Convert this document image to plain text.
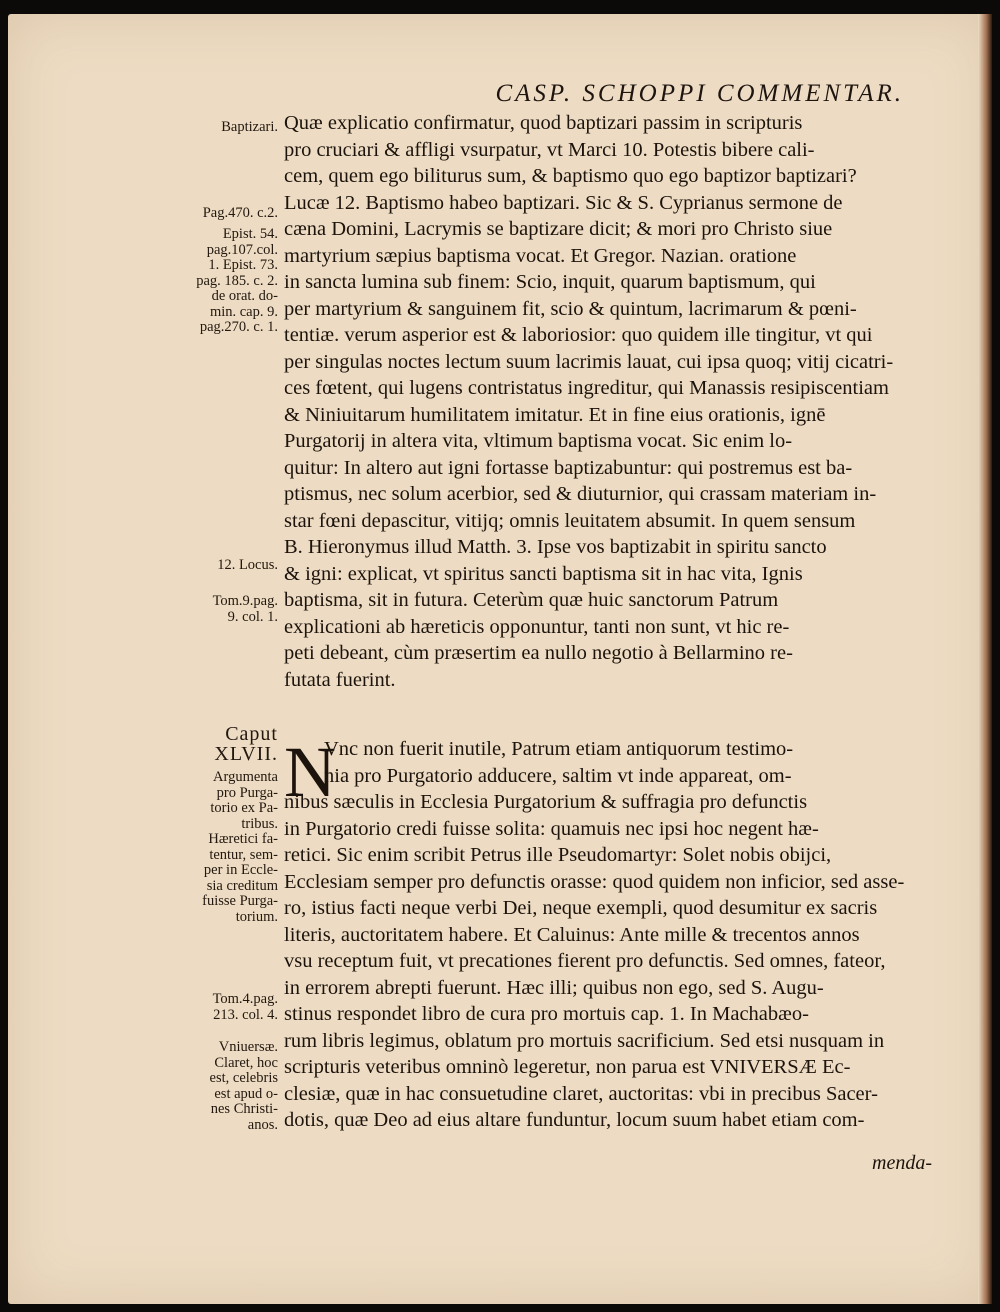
CASP. SCHOPPI COMMENTAR.
Baptizari.
Pag.470. c.2.
Epist. 54.
pag.107.col.
1. Epist. 73.
pag. 185. c. 2.
de orat. do-
min. cap. 9.
pag.270. c. 1.
12. Locus.
Tom.9.pag.
9. col. 1.
Caput
XLVII.
Argumenta
pro Purga-
torio ex Pa-
tribus.
Hæretici fa-
tentur, sem-
per in Eccle-
sia creditum
fuisse Purga-
torium.
Tom.4.pag.
213. col. 4.
Vniuersæ.
Claret, hoc
est, celebris
est apud o-
nes Christi-
anos.
Quæ explicatio confirmatur, quod baptizari passim in scripturis
pro cruciari & affligi vsurpatur, vt Marci 10. Potestis bibere cali-
cem, quem ego biliturus sum, & baptismo quo ego baptizor baptizari?
Lucæ 12. Baptismo habeo baptizari. Sic & S. Cyprianus sermone de
cæna Domini, Lacrymis se baptizare dicit; & mori pro Christo siue
martyrium sæpius baptisma vocat. Et Gregor. Nazian. oratione
in sancta lumina sub finem: Scio, inquit, quarum baptismum, qui
per martyrium & sanguinem fit, scio & quintum, lacrimarum & pœni-
tentiæ. verum asperior est & laboriosior: quo quidem ille tingitur, vt qui
per singulas noctes lectum suum lacrimis lauat, cui ipsa quoq; vitij cicatri-
ces fœtent, qui lugens contristatus ingreditur, qui Manassis resipiscentiam
& Niniuitarum humilitatem imitatur. Et in fine eius orationis, ignē
Purgatorij in altera vita, vltimum baptisma vocat. Sic enim lo-
quitur: In altero aut igni fortasse baptizabuntur: qui postremus est ba-
ptismus, nec solum acerbior, sed & diuturnior, qui crassam materiam in-
star fœni depascitur, vitijq; omnis leuitatem absumit. In quem sensum
B. Hieronymus illud Matth. 3. Ipse vos baptizabit in spiritu sancto
& igni: explicat, vt spiritus sancti baptisma sit in hac vita, Ignis
baptisma, sit in futura. Ceterùm quæ huic sanctorum Patrum
explicationi ab hæreticis opponuntur, tanti non sunt, vt hic re-
peti debeant, cùm præsertim ea nullo negotio à Bellarmino re-
futata fuerint.
N
Vnc non fuerit inutile, Patrum etiam antiquorum testimo-
nia pro Purgatorio adducere, saltim vt inde appareat, om-
nibus sæculis in Ecclesia Purgatorium & suffragia pro defunctis
in Purgatorio credi fuisse solita: quamuis nec ipsi hoc negent hæ-
retici. Sic enim scribit Petrus ille Pseudomartyr: Solet nobis obijci,
Ecclesiam semper pro defunctis orasse: quod quidem non inficior, sed asse-
ro, istius facti neque verbi Dei, neque exempli, quod desumitur ex sacris
literis, auctoritatem habere. Et Caluinus: Ante mille & trecentos annos
vsu receptum fuit, vt precationes fierent pro defunctis. Sed omnes, fateor,
in errorem abrepti fuerunt. Hæc illi; quibus non ego, sed S. Augu-
stinus respondet libro de cura pro mortuis cap. 1. In Machabæo-
rum libris legimus, oblatum pro mortuis sacrificium. Sed etsi nusquam in
scripturis veteribus omninò legeretur, non parua est VNIVERSÆ Ec-
clesiæ, quæ in hac consuetudine claret, auctoritas: vbi in precibus Sacer-
dotis, quæ Deo ad eius altare funduntur, locum suum habet etiam com-
menda-
